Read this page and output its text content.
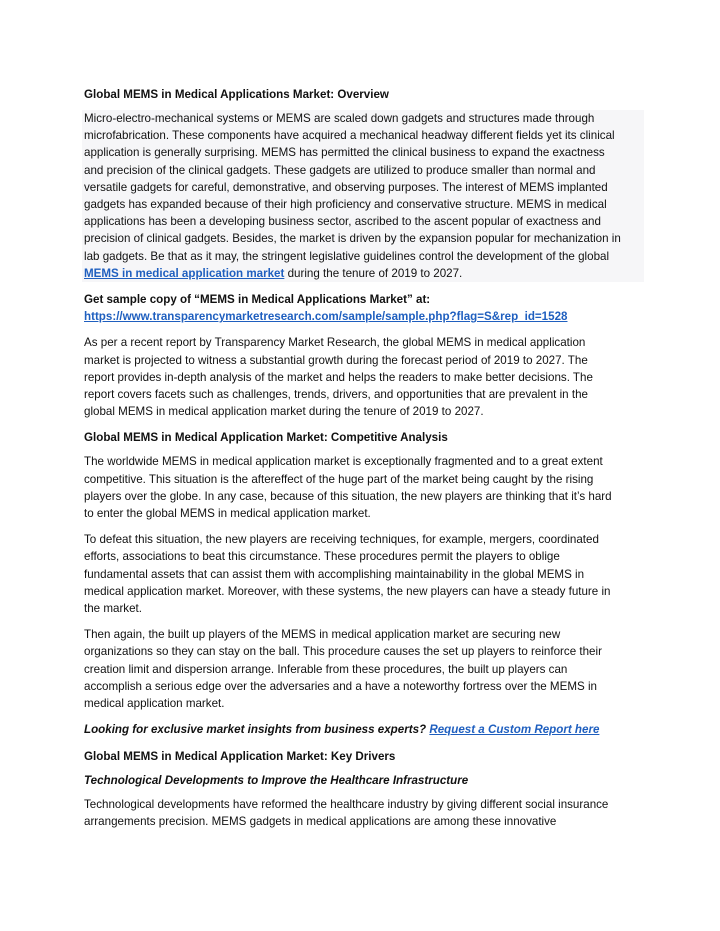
Global MEMS in Medical Applications Market: Overview
Micro-electro-mechanical systems or MEMS are scaled down gadgets and structures made through
microfabrication. These components have acquired a mechanical headway different fields yet its clinical
application is generally surprising. MEMS has permitted the clinical business to expand the exactness
and precision of the clinical gadgets. These gadgets are utilized to produce smaller than normal and
versatile gadgets for careful, demonstrative, and observing purposes. The interest of MEMS implanted
gadgets has expanded because of their high proficiency and conservative structure. MEMS in medical
applications has been a developing business sector, ascribed to the ascent popular of exactness and
precision of clinical gadgets. Besides, the market is driven by the expansion popular for mechanization in
lab gadgets. Be that as it may, the stringent legislative guidelines control the development of the global
MEMS in medical application market during the tenure of 2019 to 2027.
Get sample copy of “MEMS in Medical Applications Market” at:
https://www.transparencymarketresearch.com/sample/sample.php?flag=S&rep_id=1528
As per a recent report by Transparency Market Research, the global MEMS in medical application
market is projected to witness a substantial growth during the forecast period of 2019 to 2027. The
report provides in-depth analysis of the market and helps the readers to make better decisions. The
report covers facets such as challenges, trends, drivers, and opportunities that are prevalent in the
global MEMS in medical application market during the tenure of 2019 to 2027.
Global MEMS in Medical Application Market: Competitive Analysis
The worldwide MEMS in medical application market is exceptionally fragmented and to a great extent
competitive. This situation is the aftereffect of the huge part of the market being caught by the rising
players over the globe. In any case, because of this situation, the new players are thinking that it’s hard
to enter the global MEMS in medical application market.
To defeat this situation, the new players are receiving techniques, for example, mergers, coordinated
efforts, associations to beat this circumstance. These procedures permit the players to oblige
fundamental assets that can assist them with accomplishing maintainability in the global MEMS in
medical application market. Moreover, with these systems, the new players can have a steady future in
the market.
Then again, the built up players of the MEMS in medical application market are securing new
organizations so they can stay on the ball. This procedure causes the set up players to reinforce their
creation limit and dispersion arrange. Inferable from these procedures, the built up players can
accomplish a serious edge over the adversaries and a have a noteworthy fortress over the MEMS in
medical application market.
Looking for exclusive market insights from business experts? Request a Custom Report here
Global MEMS in Medical Application Market: Key Drivers
Technological Developments to Improve the Healthcare Infrastructure
Technological developments have reformed the healthcare industry by giving different social insurance
arrangements precision. MEMS gadgets in medical applications are among these innovative
